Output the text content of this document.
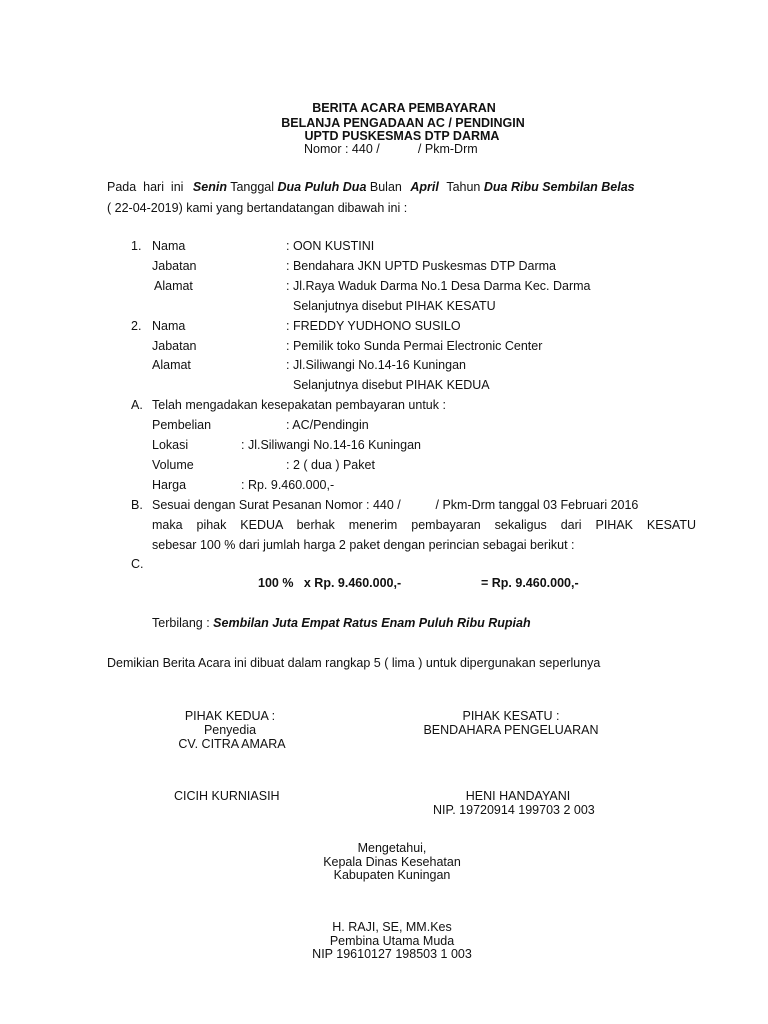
BERITA ACARA PEMBAYARAN
BELANJA PENGADAAN AC / PENDINGIN
UPTD PUSKESMAS DTP DARMA
Nomor : 440 /           / Pkm-Drm
Pada  hari  ini Senin Tanggal Dua Puluh Dua Bulan April Tahun Dua Ribu Sembilan Belas
( 22-04-2019) kami yang bertandatangan dibawah ini :
1. Nama	: OON KUSTINI
Jabatan	: Bendahara JKN UPTD Puskesmas DTP Darma
Alamat	: Jl.Raya Waduk Darma No.1 Desa Darma Kec. Darma
Selanjutnya disebut PIHAK KESATU
2. Nama	: FREDDY YUDHONO SUSILO
Jabatan	: Pemilik toko Sunda Permai Electronic Center
Alamat	: Jl.Siliwangi No.14-16 Kuningan
Selanjutnya disebut PIHAK KEDUA
A. Telah mengadakan kesepakatan pembayaran untuk :
Pembelian	: AC/Pendingin
Lokasi	: Jl.Siliwangi No.14-16 Kuningan
Volume	: 2 ( dua ) Paket
Harga	: Rp. 9.460.000,-
B. Sesuai dengan Surat Pesanan Nomor : 440 /          / Pkm-Drm tanggal 03 Februari 2016
maka pihak KEDUA berhak menerim pembayaran sekaligus dari PIHAK KESATU
sebesar 100 % dari jumlah harga 2 paket dengan perincian sebagai berikut :
C.
100 %   x Rp. 9.460.000,-	= Rp. 9.460.000,-
Terbilang : Sembilan Juta Empat Ratus Enam Puluh Ribu Rupiah
Demikian Berita Acara ini dibuat dalam rangkap 5 ( lima ) untuk dipergunakan seperlunya
PIHAK KEDUA :
Penyedia
CV. CITRA AMARA
CICIH KURNIASIH
PIHAK KESATU :
BENDAHARA PENGELUARAN
HENI HANDAYANI
NIP. 19720914 199703 2 003
Mengetahui,
Kepala Dinas Kesehatan
Kabupaten Kuningan
H. RAJI, SE, MM.Kes
Pembina Utama Muda
NIP 19610127 198503 1 003
